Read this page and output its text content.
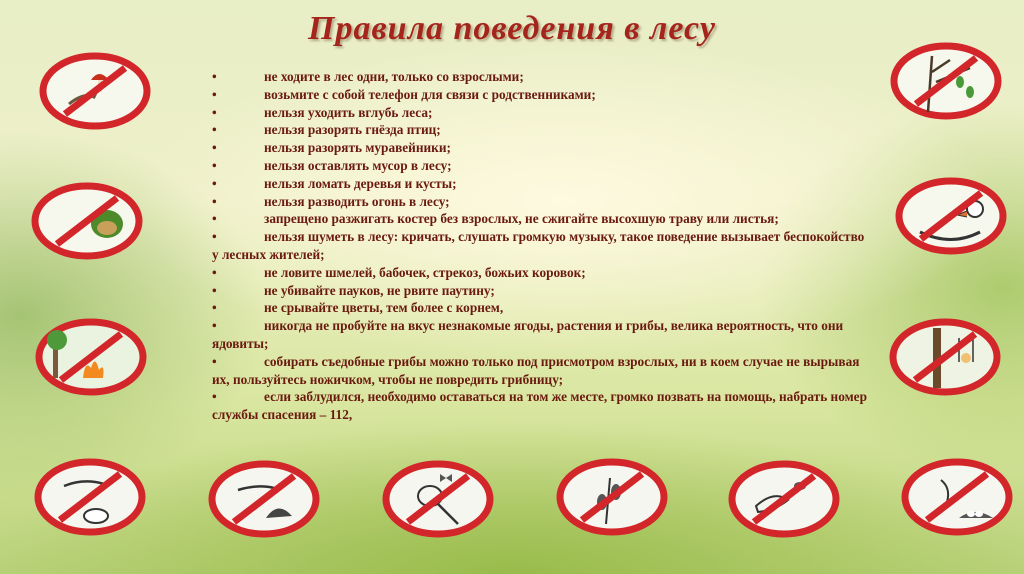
Правила поведения в лесу
•	не ходите в лес одни, только со взрослыми;
•	возьмите с собой телефон для связи с родственниками;
•	нельзя уходить вглубь леса;
•	нельзя разорять гнёзда птиц;
•	нельзя разорять муравейники;
•	нельзя оставлять мусор в лесу;
•	нельзя ломать деревья и кусты;
•	нельзя разводить огонь в лесу;
•	запрещено разжигать костер без взрослых, не сжигайте высохшую траву или листья;
•	нельзя шуметь в лесу: кричать, слушать громкую музыку, такое поведение вызывает беспокойство у лесных жителей;
•	не ловите шмелей, бабочек, стрекоз, божьих коровок;
•	не убивайте пауков, не рвите паутину;
•	не срывайте цветы, тем более с корнем,
•	никогда не пробуйте на вкус незнакомые ягоды, растения и грибы, велика вероятность, что они ядовиты;
•	собирать съедобные грибы можно только под присмотром взрослых, ни в коем случае не вырывая их, пользуйтесь ножичком, чтобы не повредить грибницу;
•	если заблудился, необходимо оставаться на том же месте, громко позвать на помощь, набрать номер службы спасения – 112,
